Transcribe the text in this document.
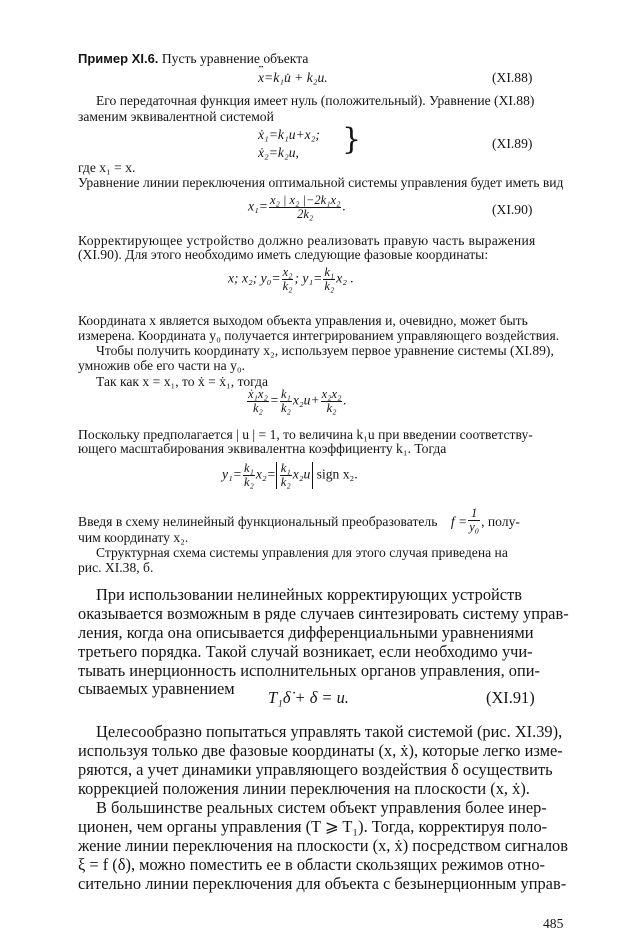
Пример XI.6. Пусть уравнение объекта
¨ x=k₁u̇ + k₂u.	(XI.88)
Его передаточная функция имеет нуль (положительный). Уравнение (XI.88)
заменим эквивалентной системой
ẋ₁=k₁u+x₂;
ẋ₂=k₂u, }	(XI.89)
где x₁ = x.
Уравнение линии переключения оптимальной системы управления будет иметь вид
$x_1= \frac{\text{x₂ | x₂ |−2k₁x₂}}{\text{2k₂}}$ .	(XI.90)
Корректирующее устройство должно реализовать правую часть выражения
(XI.90). Для этого необходимо иметь следующие фазовые координаты:
x; x₂; $y_0= \frac{\text{x₂}}{\text{k₂}}$ ; $y_1= \frac{\text{k₁}}{\text{k₂}} x_2$ .
Координата x является выходом объекта управления и, очевидно, может быть
измерена. Координата y₀ получается интегрированием управляющего воздействия.
Чтобы получить координату x₂, используем первое уравнение системы (XI.89),
умножив обе его части на y₀.
Так как x = x₁, то ẋ = ẋ₁, тогда
$\frac{\text{ẋ₁x₂}}{\text{k₂}} = \frac{\text{k₁}}{\text{k₂}} x_2u+ \frac{\text{x₂x₂}}{\text{k₂}}$ .
Поскольку предполагается | u | = 1, то величина k₁u при введении соответству-
ющего масштабирования эквивалентна коэффициенту k₁. Тогда
$y_1= \frac{\text{k₁}}{\text{k₂}} x_2= \frac{\text{k₁}}{\text{k₂}} x_2u$ sign x₂.
Введя в схему нелинейный функциональный преобразователь $f = \frac{1}{\text{y₀}}$ , полу-
чим координату x₂.
Структурная схема системы управления для этого случая приведена на
рис. XI.38, б.
При использовании нелинейных корректирующих устройств
оказывается возможным в ряде случаев синтезировать систему управ-
ления, когда она описывается дифференциальными уравнениями
третьего порядка. Такой случай возникает, если необходимо учи-
тывать инерционность исполнительных органов управления, опи-
сываемых уравнением T₁δ̇ + δ = u.	(XI.91)
Целесообразно попытаться управлять такой системой (рис. XI.39),
используя только две фазовые координаты (x, ẋ), которые легко изме-
ряются, а учет динамики управляющего воздействия δ осуществить
коррекцией положения линии переключения на плоскости (x, ẋ).
В большинстве реальных систем объект управления более инер-
ционен, чем органы управления (T ⩾ T₁). Тогда, корректируя поло-
жение линии переключения на плоскости (x, ẋ) посредством сигналов
ξ = f (δ), можно поместить ее в области скользящих режимов отно-
сительно линии переключения для объекта с безынерционным управ-
485
